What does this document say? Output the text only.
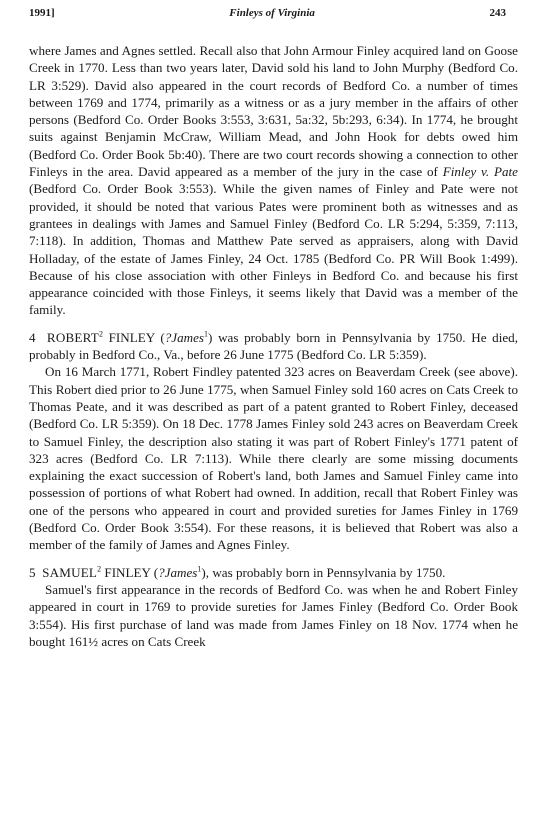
1991]	Finleys of Virginia	243

where James and Agnes settled. Recall also that John Armour Finley acquired land on Goose Creek in 1770. Less than two years later, David sold his land to John Murphy (Bedford Co. LR 3:529). David also appeared in the court records of Bedford Co. a number of times between 1769 and 1774, primarily as a witness or as a jury member in the affairs of other persons (Bedford Co. Order Books 3:553, 3:631, 5a:32, 5b:293, 6:34). In 1774, he brought suits against Benjamin McCraw, William Mead, and John Hook for debts owed him (Bedford Co. Order Book 5b:40). There are two court records showing a connection to other Finleys in the area. David appeared as a member of the jury in the case of Finley v. Pate (Bedford Co. Order Book 3:553). While the given names of Finley and Pate were not provided, it should be noted that various Pates were prominent both as witnesses and as grantees in dealings with James and Samuel Finley (Bedford Co. LR 5:294, 5:359, 7:113, 7:118). In addition, Thomas and Matthew Pate served as appraisers, along with David Holladay, of the estate of James Finley, 24 Oct. 1785 (Bedford Co. PR Will Book 1:499). Because of his close association with other Finleys in Bedford Co. and because his first appearance coincided with those Finleys, it seems likely that David was a member of the family.

4 ROBERT$^2$ FINLEY (?James$^1$) was probably born in Pennsylvania by 1750. He died, probably in Bedford Co., Va., before 26 June 1775 (Bedford Co. LR 5:359).

On 16 March 1771, Robert Findley patented 323 acres on Beaverdam Creek (see above). This Robert died prior to 26 June 1775, when Samuel Finley sold 160 acres on Cats Creek to Thomas Peate, and it was described as part of a patent granted to Robert Finley, deceased (Bedford Co. LR 5:359). On 18 Dec. 1778 James Finley sold 243 acres on Beaverdam Creek to Samuel Finley, the description also stating it was part of Robert Finley's 1771 patent of 323 acres (Bedford Co. LR 7:113). While there clearly are some missing documents explaining the exact succession of Robert's land, both James and Samuel Finley came into possession of portions of what Robert had owned. In addition, recall that Robert Finley was one of the persons who appeared in court and provided sureties for James Finley in 1769 (Bedford Co. Order Book 3:554). For these reasons, it is believed that Robert was also a member of the family of James and Agnes Finley.

5 SAMUEL$^2$ FINLEY (?James$^1$), was probably born in Pennsylvania by 1750.

Samuel's first appearance in the records of Bedford Co. was when he and Robert Finley appeared in court in 1769 to provide sureties for James Finley (Bedford Co. Order Book 3:554). His first purchase of land was made from James Finley on 18 Nov. 1774 when he bought 161½ acres on Cats Creek
